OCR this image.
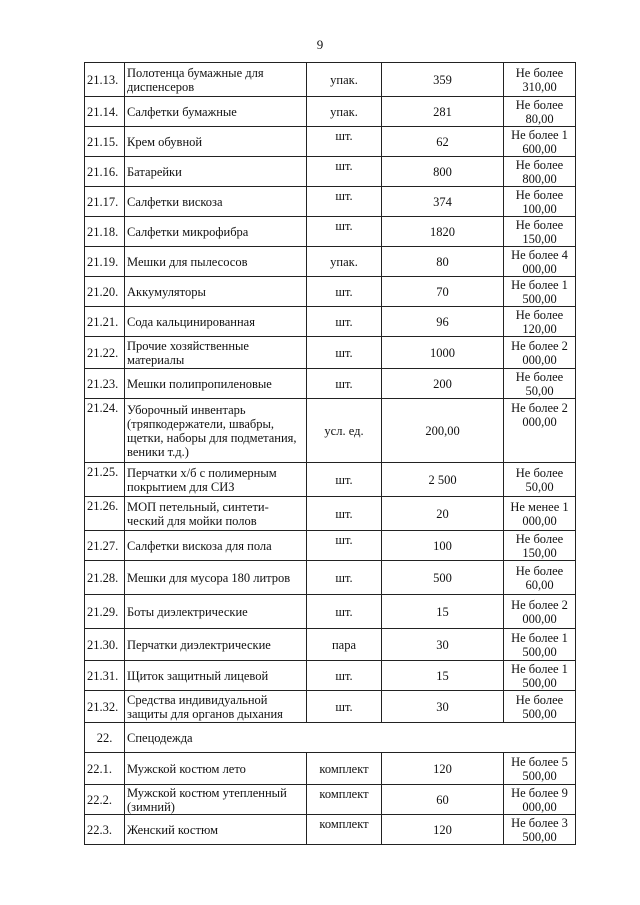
9
21.13.	Полотенца бумажные для диспенсеров	упак.	359	Не более 310,00
21.14.	Салфетки бумажные	упак.	281	Не более 80,00
21.15.	Крем обувной	шт.	62	Не более 1 600,00
21.16.	Батарейки	шт.	800	Не более 800,00
21.17.	Салфетки вискоза	шт.	374	Не более 100,00
21.18.	Салфетки микрофибра	шт.	1820	Не более 150,00
21.19.	Мешки для пылесосов	упак.	80	Не более 4 000,00
21.20.	Аккумуляторы	шт.	70	Не более 1 500,00
21.21.	Сода кальцинированная	шт.	96	Не более 120,00
21.22.	Прочие хозяйственные материалы	шт.	1000	Не более 2 000,00
21.23.	Мешки полипропиленовые	шт.	200	Не более 50,00
21.24.	Уборочный инвентарь (тряпкодержатели, швабры, щетки, наборы для подметания, веники т.д.)	усл. ед.	200,00	Не более 2 000,00
21.25.	Перчатки х/б с полимерным покрытием для СИЗ	шт.	2 500	Не более 50,00
21.26.	МОП петельный, синтети-ческий для мойки полов	шт.	20	Не менее 1 000,00
21.27.	Салфетки вискоза для пола	шт.	100	Не более 150,00
21.28.	Мешки для мусора 180 литров	шт.	500	Не более 60,00
21.29.	Боты диэлектрические	шт.	15	Не более 2 000,00
21.30.	Перчатки диэлектрические	пара	30	Не более 1 500,00
21.31.	Щиток защитный лицевой	шт.	15	Не более 1 500,00
21.32.	Средства индивидуальной защиты для органов дыхания	шт.	30	Не более 500,00
22.	Спецодежда			
22.1.	Мужской костюм лето	комплект	120	Не более 5 500,00
22.2.	Мужской костюм утепленный (зимний)	комплект	60	Не более 9 000,00
22.3.	Женский костюм	комплект	120	Не более 3 500,00
